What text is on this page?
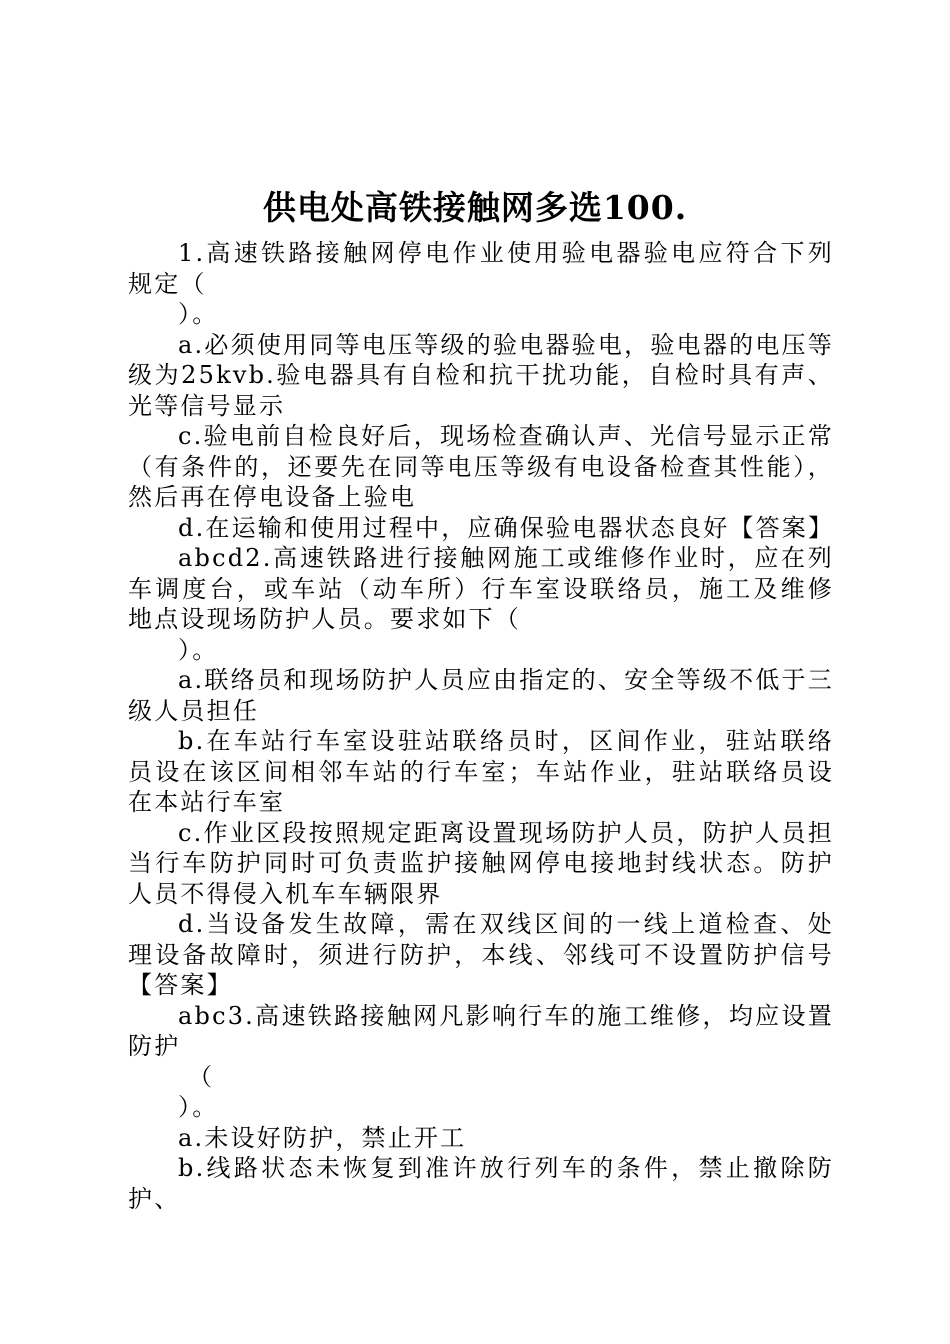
供电处高铁接触网多选100.

1.高速铁路接触网停电作业使用验电器验电应符合下列规定（

）。

a.必须使用同等电压等级的验电器验电，验电器的电压等级为25kvb.验电器具有自检和抗干扰功能，自检时具有声、光等信号显示

c.验电前自检良好后，现场检查确认声、光信号显示正常（有条件的，还要先在同等电压等级有电设备检查其性能），然后再在停电设备上验电

d.在运输和使用过程中，应确保验电器状态良好【答案】

abcd2.高速铁路进行接触网施工或维修作业时，应在列车调度台，或车站（动车所）行车室设联络员，施工及维修地点设现场防护人员。要求如下（

）。

a.联络员和现场防护人员应由指定的、安全等级不低于三级人员担任

b.在车站行车室设驻站联络员时，区间作业，驻站联络员设在该区间相邻车站的行车室；车站作业，驻站联络员设在本站行车室

c.作业区段按照规定距离设置现场防护人员，防护人员担当行车防护同时可负责监护接触网停电接地封线状态。防护人员不得侵入机车车辆限界

d.当设备发生故障，需在双线区间的一线上道检查、处理设备故障时，须进行防护，本线、邻线可不设置防护信号【答案】

abc3.高速铁路接触网凡影响行车的施工维修，均应设置防护

（

）。

a.未设好防护，禁止开工

b.线路状态未恢复到准许放行列车的条件，禁止撤除防护、
